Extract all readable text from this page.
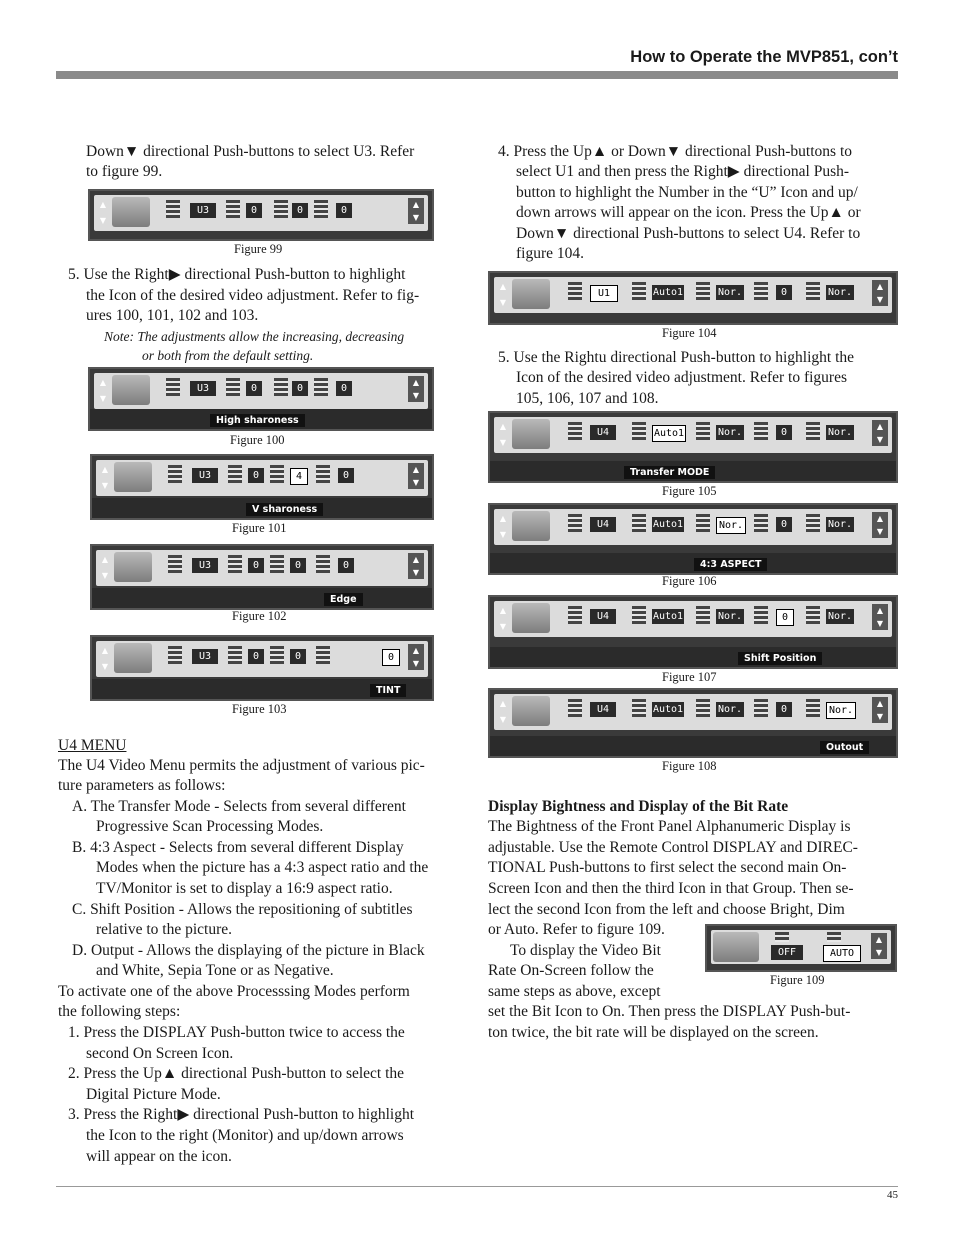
How to Operate the MVP851, con’t
Down▼ directional Push-buttons to select U3. Refer
to figure 99.
▲
▼
U3	0	0	0
▲
▼
Figure 99
5. Use the Right▶ directional Push-button to highlight
the Icon of the desired video adjustment. Refer to fig-
ures 100, 101, 102 and 103.
Note: The adjustments allow the increasing, decreasing
or both from the default setting.
▲
▼
U3	0	0	0
▲
▼
High sharoness
Figure 100
▲
▼
U3	0	4	0
▲
▼
V sharoness
Figure 101
▲
▼
U3	0	0	0
▲
▼
Edge
Figure 102
▲
▼
U3	0	0	0
▲
▼
TINT
Figure 103
U4 MENU
The U4 Video Menu permits the adjustment of various pic-
ture parameters as follows:
A. The Transfer Mode - Selects from several different
Progressive Scan Processing Modes.
B. 4:3 Aspect - Selects from several different Display
Modes when the picture has a 4:3 aspect ratio and the
TV/Monitor is set to display a 16:9 aspect ratio.
C. Shift Position - Allows the repositioning of subtitles
relative to the picture.
D. Output - Allows the displaying of the picture in Black
and White, Sepia Tone or as Negative.
To activate one of the above Processsing Modes perform
the following steps:
1. Press the DISPLAY Push-button twice to access the
second On Screen Icon.
2. Press the Up▲ directional Push-button to select the
Digital Picture Mode.
3. Press the Right▶ directional Push-button to highlight
the Icon to the right (Monitor) and up/down arrows
will appear on the icon.
4. Press the Up▲ or Down▼ directional Push-buttons to
select U1 and then press the Right▶ directional Push-
button to highlight the Number in the “U” Icon and up/
down arrows will appear on the icon. Press the Up▲ or
Down▼ directional Push-buttons to select U4. Refer to
figure 104.
▲
▼
U1	Auto1	Nor.	0	Nor.
▲
▼
Figure 104
5. Use the Rightu directional Push-button to highlight the
Icon of the desired video adjustment. Refer to figures
105, 106, 107 and 108.
▲
▼
U4	Auto1	Nor.	0	Nor.
▲
▼
Transfer MODE
Figure 105
▲
▼
U4	Auto1	Nor.	0	Nor.
▲
▼
4:3 ASPECT
Figure 106
▲
▼
U4	Auto1	Nor.	0	Nor.
▲
▼
Shift Position
Figure 107
▲
▼
U4	Auto1	Nor.	0	Nor.
▲
▼
Outout
Figure 108
Display Bightness and Display of the Bit Rate
The Bightness of the Front Panel Alphanumeric Display is
adjustable. Use the Remote Control DISPLAY and DIREC-
TIONAL Push-buttons to first select the second main On-
Screen Icon and then the third Icon in that Group. Then se-
lect the second Icon from the left and choose Bright, Dim
or Auto. Refer to figure 109.
To display the Video Bit
Rate On-Screen follow the
same steps as above, except
set the Bit Icon to On. Then press the DISPLAY Push-but-
ton twice, the bit rate will be displayed on the screen.
OFF	AUTO
▲
▼
Figure 109
45
